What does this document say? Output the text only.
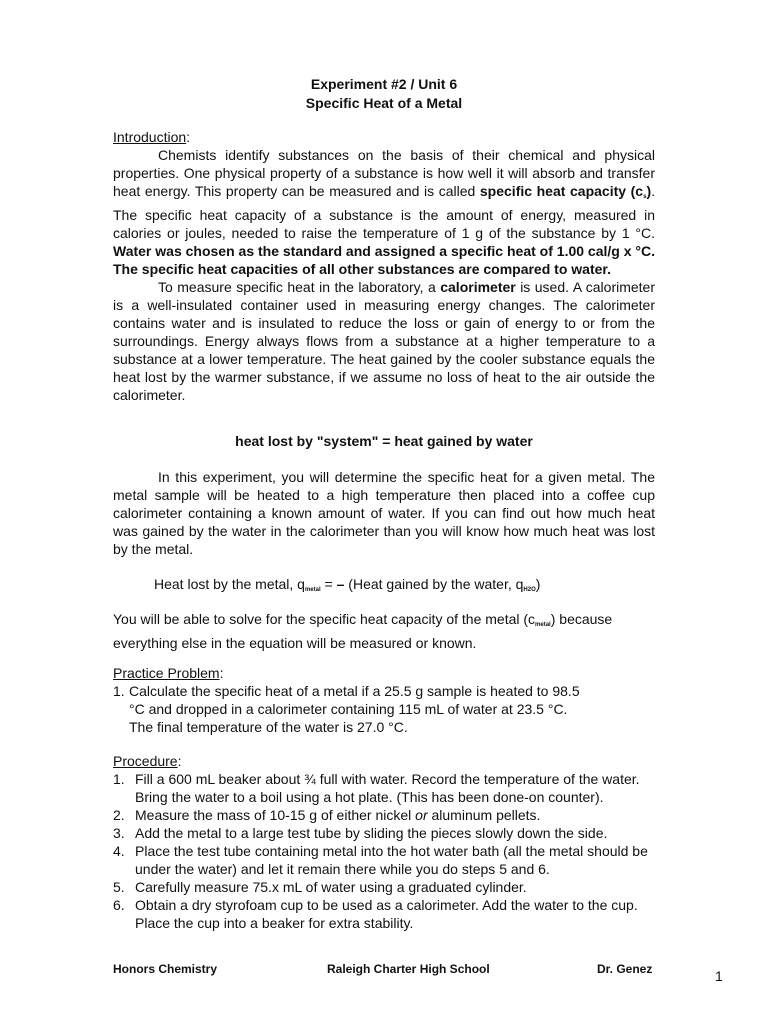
Experiment #2 / Unit 6
Specific Heat of a Metal
Introduction:
Chemists identify substances on the basis of their chemical and physical properties. One physical property of a substance is how well it will absorb and transfer heat energy. This property can be measured and is called specific heat capacity $(c_s)$. The specific heat capacity of a substance is the amount of energy, measured in calories or joules, needed to raise the temperature of 1 g of the substance by 1 °C. Water was chosen as the standard and assigned a specific heat of 1.00 cal/g x °C. The specific heat capacities of all other substances are compared to water.
To measure specific heat in the laboratory, a calorimeter is used. A calorimeter is a well-insulated container used in measuring energy changes. The calorimeter contains water and is insulated to reduce the loss or gain of energy to or from the surroundings. Energy always flows from a substance at a higher temperature to a substance at a lower temperature. The heat gained by the cooler substance equals the heat lost by the warmer substance, if we assume no loss of heat to the air outside the calorimeter.
heat lost by "system" = heat gained by water
In this experiment, you will determine the specific heat for a given metal. The metal sample will be heated to a high temperature then placed into a coffee cup calorimeter containing a known amount of water. If you can find out how much heat was gained by the water in the calorimeter than you will know how much heat was lost by the metal.
Heat lost by the metal, $q_{metal}$ = – (Heat gained by the water, $q_{H2O}$)
You will be able to solve for the specific heat capacity of the metal $(c_{metal})$ because everything else in the equation will be measured or known.
Practice Problem:
1. Calculate the specific heat of a metal if a 25.5 g sample is heated to 98.5 °C and dropped in a calorimeter containing 115 mL of water at 23.5 °C. The final temperature of the water is 27.0 °C.
Procedure:
1. Fill a 600 mL beaker about ¾ full with water. Record the temperature of the water. Bring the water to a boil using a hot plate. (This has been done-on counter).
2. Measure the mass of 10-15 g of either nickel or aluminum pellets.
3. Add the metal to a large test tube by sliding the pieces slowly down the side.
4. Place the test tube containing metal into the hot water bath (all the metal should be under the water) and let it remain there while you do steps 5 and 6.
5. Carefully measure 75.x mL of water using a graduated cylinder.
6. Obtain a dry styrofoam cup to be used as a calorimeter. Add the water to the cup. Place the cup into a beaker for extra stability.
Honors Chemistry	Raleigh Charter High School	Dr. Genez	1
